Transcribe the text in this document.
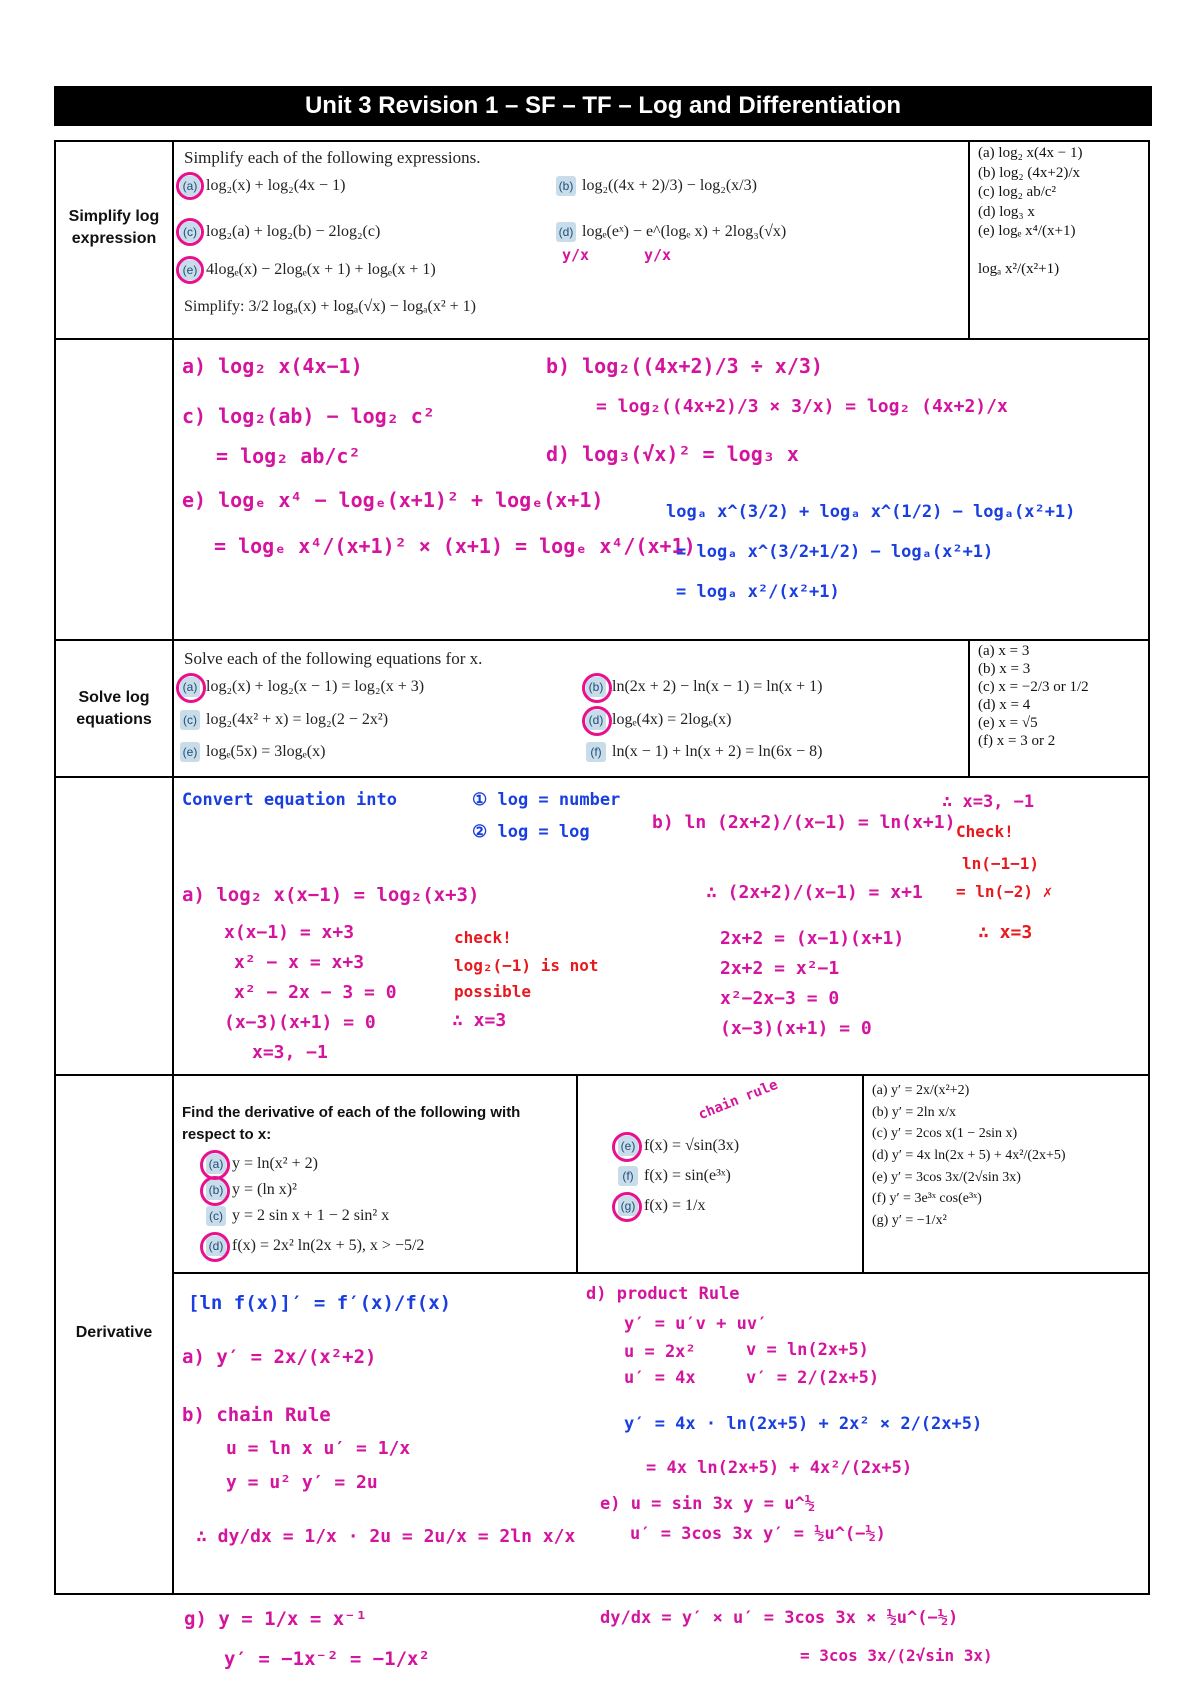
Unit 3 Revision 1 – SF – TF – Log and Differentiation
Simplify log expression
Solve log equations
Derivative
Simplify each of the following expressions.
(a) log₂(x) + log₂(4x − 1)	(b) log₂((4x + 2)/3) − log₂(x/3)
(c) log₂(a) + log₂(b) − 2log₂(c)	(d) logₑ(eˣ) − e^(logₑ x) + 2log₃(√x)
(e) 4logₑ(x) − 2logₑ(x + 1) + logₑ(x + 1)
Simplify: 3/2 logₐ(x) + logₐ(√x) − logₐ(x² + 1)
y/x	y/x
(a) log₂ x(4x − 1)
(b) log₂ (4x+2)/x
(c) log₂ ab/c²
(d) log₃ x
(e) logₑ x⁴/(x+1)
logₐ x²/(x²+1)
a) log₂ x(4x−1)	b) log₂((4x+2)/3 ÷ x/3)
= log₂((4x+2)/3 × 3/x) = log₂ (4x+2)/x
c) log₂(ab) − log₂ c²
= log₂ ab/c²	d) log₃(√x)² = log₃ x
e) logₑ x⁴ − logₑ(x+1)² + logₑ(x+1)
= logₑ x⁴/(x+1)² × (x+1) = logₑ x⁴/(x+1)
logₐ x^(3/2) + logₐ x^(1/2) − logₐ(x²+1)
= logₐ x^(3/2+1/2) − logₐ(x²+1)
= logₐ x²/(x²+1)
Solve each of the following equations for x.
(a) log₂(x) + log₂(x − 1) = log₂(x + 3)	(b) ln(2x + 2) − ln(x − 1) = ln(x + 1)
(c) log₂(4x² + x) = log₂(2 − 2x²)	(d) logₑ(4x) = 2logₑ(x)
(e) logₑ(5x) = 3logₑ(x)	(f) ln(x − 1) + ln(x + 2) = ln(6x − 8)
(a) x = 3
(b) x = 3
(c) x = −2/3 or 1/2
(d) x = 4
(e) x = √5
(f) x = 3 or 2
Convert equation into	① log = number
② log = log
a) log₂ x(x−1) = log₂(x+3)
x(x−1) = x+3
x² − x = x+3
x² − 2x − 3 = 0
(x−3)(x+1) = 0
x=3, −1
check!
log₂(−1) is not
possible
∴ x=3
b) ln (2x+2)/(x−1) = ln(x+1)
∴ (2x+2)/(x−1) = x+1
2x+2 = (x−1)(x+1)
2x+2 = x²−1
x²−2x−3 = 0
(x−3)(x+1) = 0
∴ x=3, −1
Check!
ln(−1−1)
= ln(−2) ✗
∴ x=3
Find the derivative of each of the following with respect to x:
(a) y = ln(x² + 2)
(b) y = (ln x)²
(c) y = 2 sin x + 1 − 2 sin² x
(d) f(x) = 2x² ln(2x + 5), x > −5/2
(e) f(x) = √sin(3x)
(f) f(x) = sin(e³ˣ)
(g) f(x) = 1/x
chain rule	(a) y′ = 2x/(x²+2)
(b) y′ = 2ln x/x
(c) y′ = 2cos x(1 − 2sin x)
(d) y′ = 4x ln(2x + 5) + 4x²/(2x+5)
(e) y′ = 3cos 3x/(2√sin 3x)
(f) y′ = 3e³ˣ cos(e³ˣ)
(g) y′ = −1/x²
[ln f(x)]′ = f′(x)/f(x)
a) y′ = 2x/(x²+2)
b) chain Rule
u = ln x u′ = 1/x
y = u² y′ = 2u
∴ dy/dx = 1/x · 2u = 2u/x = 2ln x/x
d) product Rule
y′ = u′v + uv′
u = 2x²
u′ = 4x
v = ln(2x+5)
v′ = 2/(2x+5)
y′ = 4x · ln(2x+5) + 2x² × 2/(2x+5)
= 4x ln(2x+5) + 4x²/(2x+5)
e) u = sin 3x y = u^½
u′ = 3cos 3x y′ = ½u^(−½)
dy/dx = y′ × u′ = 3cos 3x × ½u^(−½)
= 3cos 3x/(2√sin 3x)
g) y = 1/x = x⁻¹
y′ = −1x⁻² = −1/x²
